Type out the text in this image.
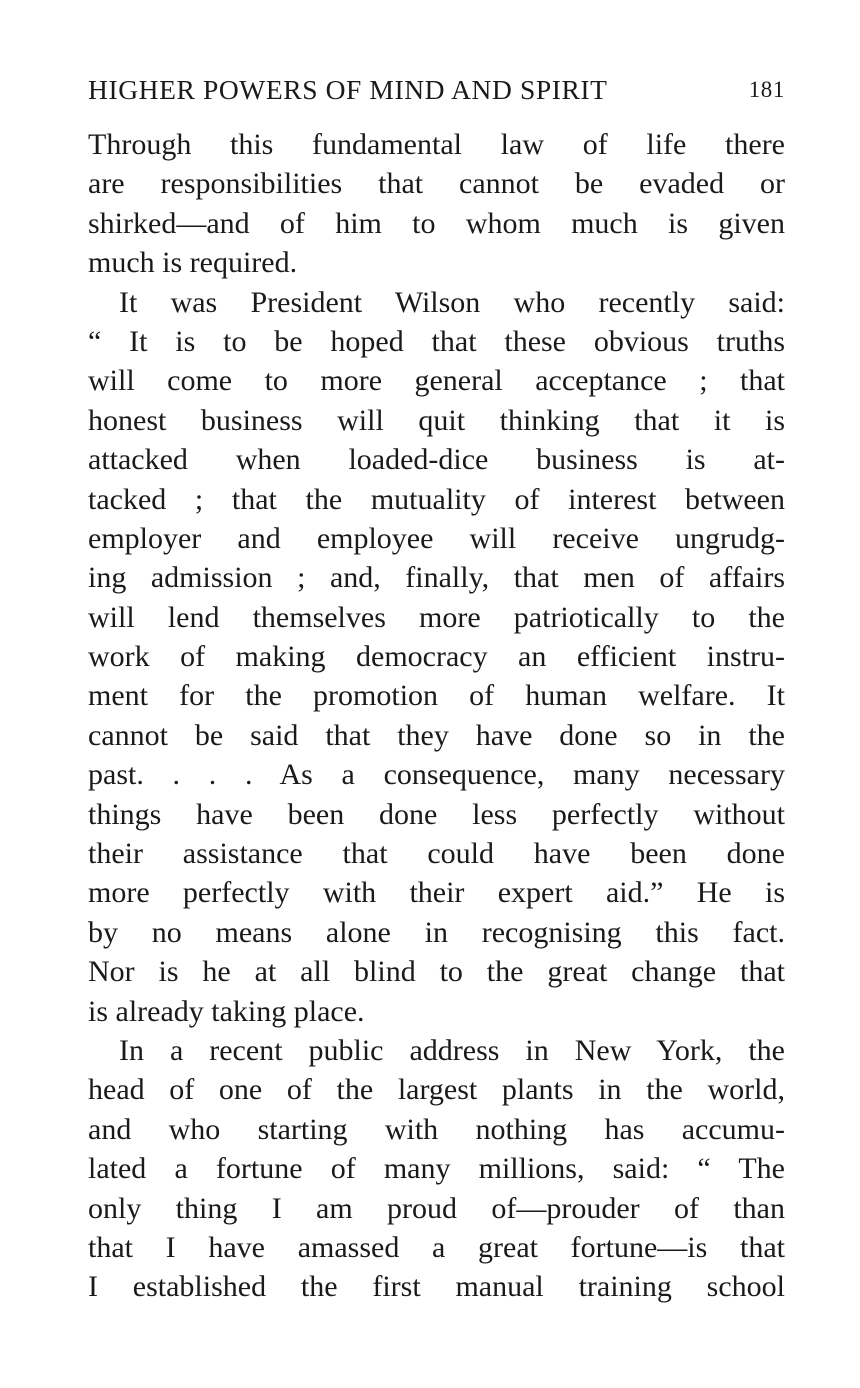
HIGHER POWERS OF MIND AND SPIRIT	181
Through this fundamental law of life there
are responsibilities that cannot be evaded or
shirked—and of him to whom much is given
much is required.
It was President Wilson who recently said:
“ It is to be hoped that these obvious truths
will come to more general acceptance ; that
honest business will quit thinking that it is
attacked when loaded-dice business is at-
tacked ; that the mutuality of interest between
employer and employee will receive ungrudg-
ing admission ; and, finally, that men of affairs
will lend themselves more patriotically to the
work of making democracy an efficient instru-
ment for the promotion of human welfare. It
cannot be said that they have done so in the
past. . . . As a consequence, many necessary
things have been done less perfectly without
their assistance that could have been done
more perfectly with their expert aid.” He is
by no means alone in recognising this fact.
Nor is he at all blind to the great change that
is already taking place.
In a recent public address in New York, the
head of one of the largest plants in the world,
and who starting with nothing has accumu-
lated a fortune of many millions, said: “ The
only thing I am proud of—prouder of than
that I have amassed a great fortune—is that
I established the first manual training school
